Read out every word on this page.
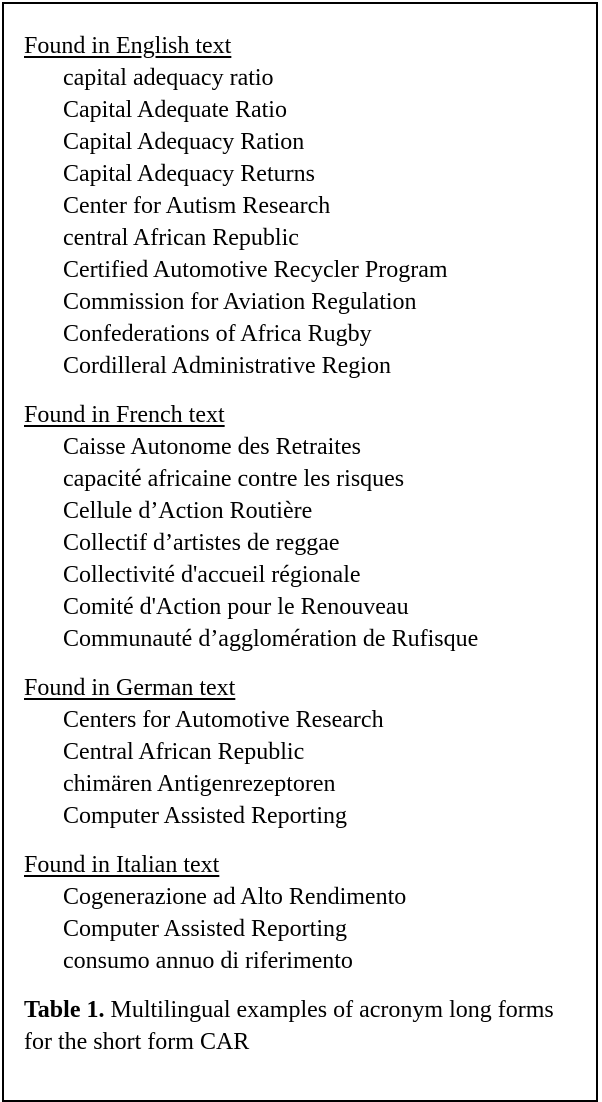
Found in English text
capital adequacy ratio
Capital Adequate Ratio
Capital Adequacy Ration
Capital Adequacy Returns
Center for Autism Research
central African Republic
Certified Automotive Recycler Program
Commission for Aviation Regulation
Confederations of Africa Rugby
Cordilleral Administrative Region
Found in French text
Caisse Autonome des Retraites
capacité africaine contre les risques
Cellule d’Action Routière
Collectif d’artistes de reggae
Collectivité d'accueil régionale
Comité d'Action pour le Renouveau
Communauté d’agglomération de Rufisque
Found in German text
Centers for Automotive Research
Central African Republic
chimären Antigenrezeptoren
Computer Assisted Reporting
Found in Italian text
Cogenerazione ad Alto Rendimento
Computer Assisted Reporting
consumo annuo di riferimento
Table 1. Multilingual examples of acronym long forms for the short form CAR
